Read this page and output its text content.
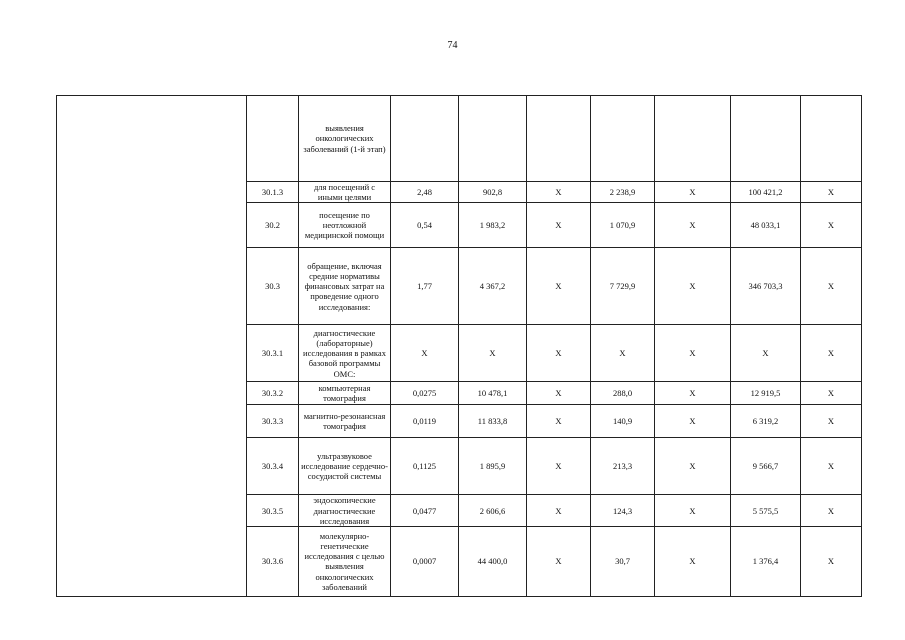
74
		выявления онкологических заболеваний (1-й этап)							
	30.1.3	для посещений с иными целями	2,48	902,8	X	2 238,9	X	100 421,2	X
	30.2	посещение по неотложной медицинской помощи	0,54	1 983,2	X	1 070,9	X	48 033,1	X
	30.3	обращение, включая средние нормативы финансовых затрат на проведение одного исследования:	1,77	4 367,2	X	7 729,9	X	346 703,3	X
	30.3.1	диагностические (лабораторные) исследования в рамках базовой программы ОМС:	X	X	X	X	X	X	X
	30.3.2	компьютерная томография	0,0275	10 478,1	X	288,0	X	12 919,5	X
	30.3.3	магнитно-резонансная томография	0,0119	11 833,8	X	140,9	X	6 319,2	X
	30.3.4	ультразвуковое исследование сердечно-сосудистой системы	0,1125	1 895,9	X	213,3	X	9 566,7	X
	30.3.5	эндоскопические диагностические исследования	0,0477	2 606,6	X	124,3	X	5 575,5	X
	30.3.6	молекулярно-генетические исследования с целью выявления онкологических заболеваний	0,0007	44 400,0	X	30,7	X	1 376,4	X
